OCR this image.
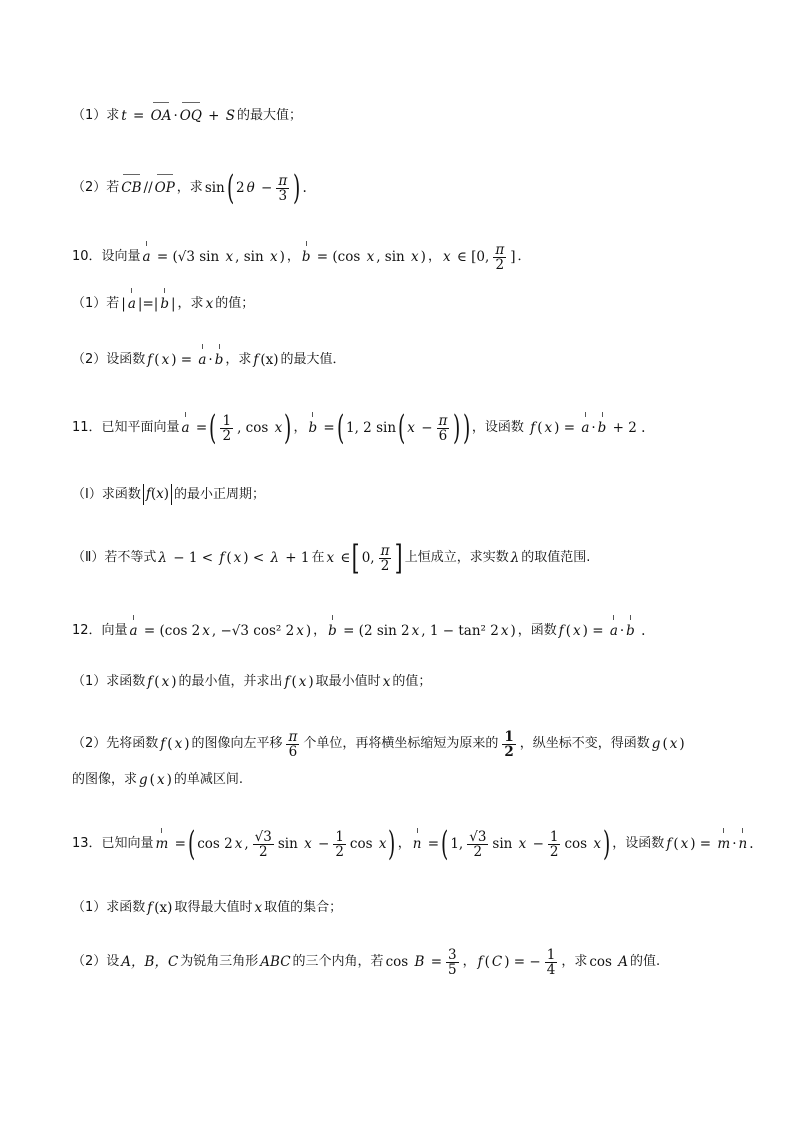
（1）求 t = OA · OQ + S 的最大值；
（2）若 CB // OP ，求 sin ( 2 $\theta - \frac{\pi}{3}$ ) .
10．设向量 a = (√3 sin x , sin x ) ， b = (cos x , sin x ) ， x ∈ [0, $\frac{\pi}{2}$ ] ．
（1）若 | a |=| b | ，求 x 的值；
（2）设函数 f ( x ) = a · b ，求 f (x) 的最大值．
11．已知平面向量 a = ( $\frac{1}{2}$ , cos x ) ， b = ( 1, 2 sin ( $x - \frac{\pi}{6}$ ) ) ，设函数 f ( x ) = a · b + 2 .
（Ⅰ）求函数 f(x) 的最小正周期；
（Ⅱ）若不等式 λ − 1 < f ( x ) < λ + 1 在 x ∈ [ 0, $\frac{\pi}{2}$ ] 上恒成立，求实数 λ 的取值范围.
12．向量 a = (cos 2 x , −√3 cos² 2 x ) ， b = (2 sin 2 x , 1 − tan² 2 x ) ，函数 f ( x ) = a · b .
（1）求函数 f ( x ) 的最小值，并求出 f ( x ) 取最小值时 x 的值；
（2）先将函数 f ( x ) 的图像向左平移 $\frac{\pi}{6}$ 个单位，再将横坐标缩短为原来的 $\frac{1}{2}$ ，纵坐标不变，得函数 g ( x )
的图像，求 g ( x ) 的单减区间.
13．已知向量 m = ( cos 2 x , $\frac{√3}{2}$ $\sin x - \frac{1}{2}$ cos x ) ， n = ( 1, $\frac{√3}{2}$ $\sin x - \frac{1}{2}$ cos x ) ，设函数 f ( x ) = m · n .
（1）求函数 f (x) 取得最大值时 x 取值的集合；
（2）设 A，B，C 为锐角三角形 ABC 的三个内角，若 $\cos B = \frac{3}{5}$ ， f ( C ) = − $\frac{1}{4}$ ，求 cos A 的值.
